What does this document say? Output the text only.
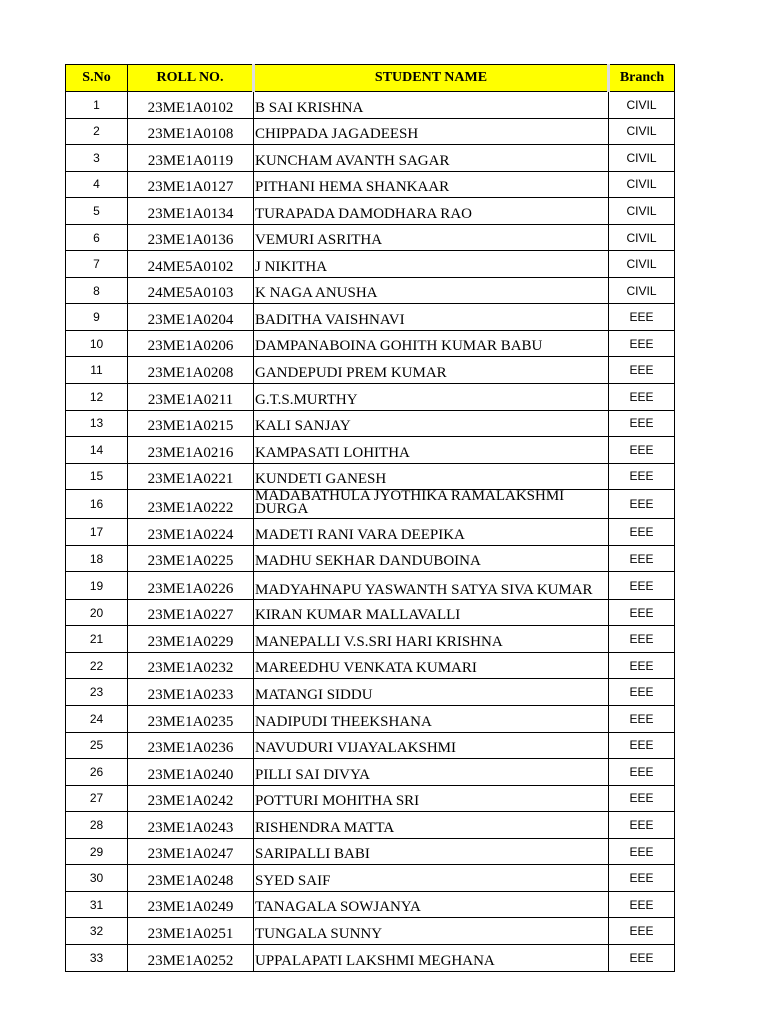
S.No	ROLL NO.	STUDENT NAME	Branch
1	23ME1A0102	B SAI KRISHNA	CIVIL
2	23ME1A0108	CHIPPADA JAGADEESH	CIVIL
3	23ME1A0119	KUNCHAM AVANTH SAGAR	CIVIL
4	23ME1A0127	PITHANI HEMA SHANKAAR	CIVIL
5	23ME1A0134	TURAPADA DAMODHARA RAO	CIVIL
6	23ME1A0136	VEMURI ASRITHA	CIVIL
7	24ME5A0102	J NIKITHA	CIVIL
8	24ME5A0103	K NAGA ANUSHA	CIVIL
9	23ME1A0204	BADITHA VAISHNAVI	EEE
10	23ME1A0206	DAMPANABOINA GOHITH KUMAR BABU	EEE
11	23ME1A0208	GANDEPUDI PREM KUMAR	EEE
12	23ME1A0211	G.T.S.MURTHY	EEE
13	23ME1A0215	KALI SANJAY	EEE
14	23ME1A0216	KAMPASATI LOHITHA	EEE
15	23ME1A0221	KUNDETI GANESH	EEE
16	23ME1A0222	MADABATHULA JYOTHIKA RAMALAKSHMI DURGA	EEE
17	23ME1A0224	MADETI RANI VARA DEEPIKA	EEE
18	23ME1A0225	MADHU SEKHAR DANDUBOINA	EEE
19	23ME1A0226	MADYAHNAPU YASWANTH SATYA SIVA KUMAR	EEE
20	23ME1A0227	KIRAN KUMAR MALLAVALLI	EEE
21	23ME1A0229	MANEPALLI V.S.SRI HARI KRISHNA	EEE
22	23ME1A0232	MAREEDHU VENKATA KUMARI	EEE
23	23ME1A0233	MATANGI SIDDU	EEE
24	23ME1A0235	NADIPUDI THEEKSHANA	EEE
25	23ME1A0236	NAVUDURI VIJAYALAKSHMI	EEE
26	23ME1A0240	PILLI SAI DIVYA	EEE
27	23ME1A0242	POTTURI MOHITHA SRI	EEE
28	23ME1A0243	RISHENDRA MATTA	EEE
29	23ME1A0247	SARIPALLI BABI	EEE
30	23ME1A0248	SYED SAIF	EEE
31	23ME1A0249	TANAGALA SOWJANYA	EEE
32	23ME1A0251	TUNGALA SUNNY	EEE
33	23ME1A0252	UPPALAPATI LAKSHMI MEGHANA	EEE
